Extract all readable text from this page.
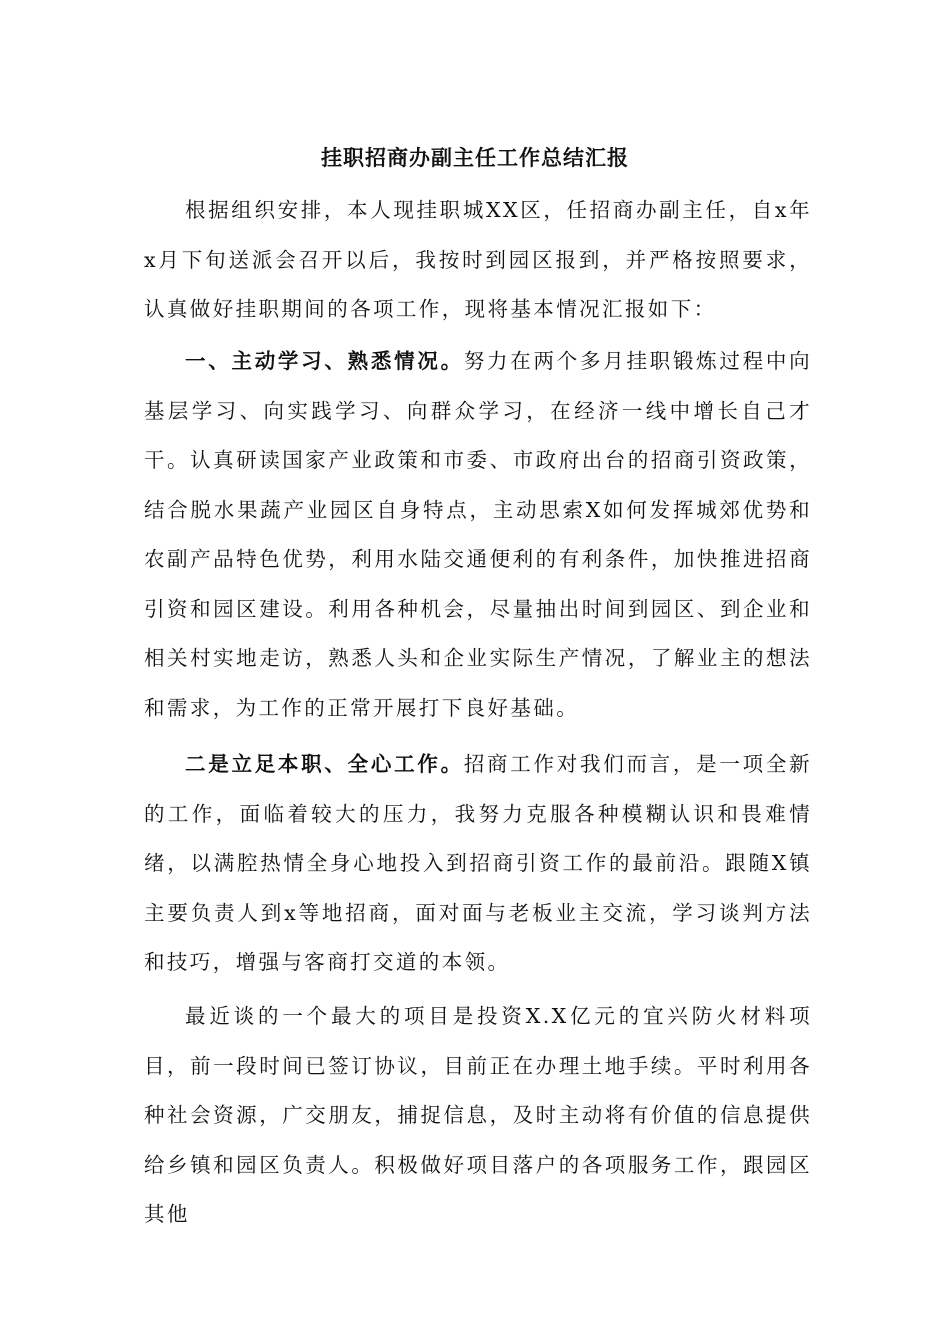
挂职招商办副主任工作总结汇报

根据组织安排，本人现挂职城XX区，任招商办副主任，自x年x月下旬送派会召开以后，我按时到园区报到，并严格按照要求，认真做好挂职期间的各项工作，现将基本情况汇报如下：

一、主动学习、熟悉情况。努力在两个多月挂职锻炼过程中向基层学习、向实践学习、向群众学习，在经济一线中增长自己才干。认真研读国家产业政策和市委、市政府出台的招商引资政策，结合脱水果蔬产业园区自身特点，主动思索X如何发挥城郊优势和农副产品特色优势，利用水陆交通便利的有利条件，加快推进招商引资和园区建设。利用各种机会，尽量抽出时间到园区、到企业和相关村实地走访，熟悉人头和企业实际生产情况，了解业主的想法和需求，为工作的正常开展打下良好基础。

二是立足本职、全心工作。招商工作对我们而言，是一项全新的工作，面临着较大的压力，我努力克服各种模糊认识和畏难情绪，以满腔热情全身心地投入到招商引资工作的最前沿。跟随X镇主要负责人到x等地招商，面对面与老板业主交流，学习谈判方法和技巧，增强与客商打交道的本领。

最近谈的一个最大的项目是投资X.X亿元的宜兴防火材料项目，前一段时间已签订协议，目前正在办理土地手续。平时利用各种社会资源，广交朋友，捕捉信息，及时主动将有价值的信息提供给乡镇和园区负责人。积极做好项目落户的各项服务工作，跟园区其他
